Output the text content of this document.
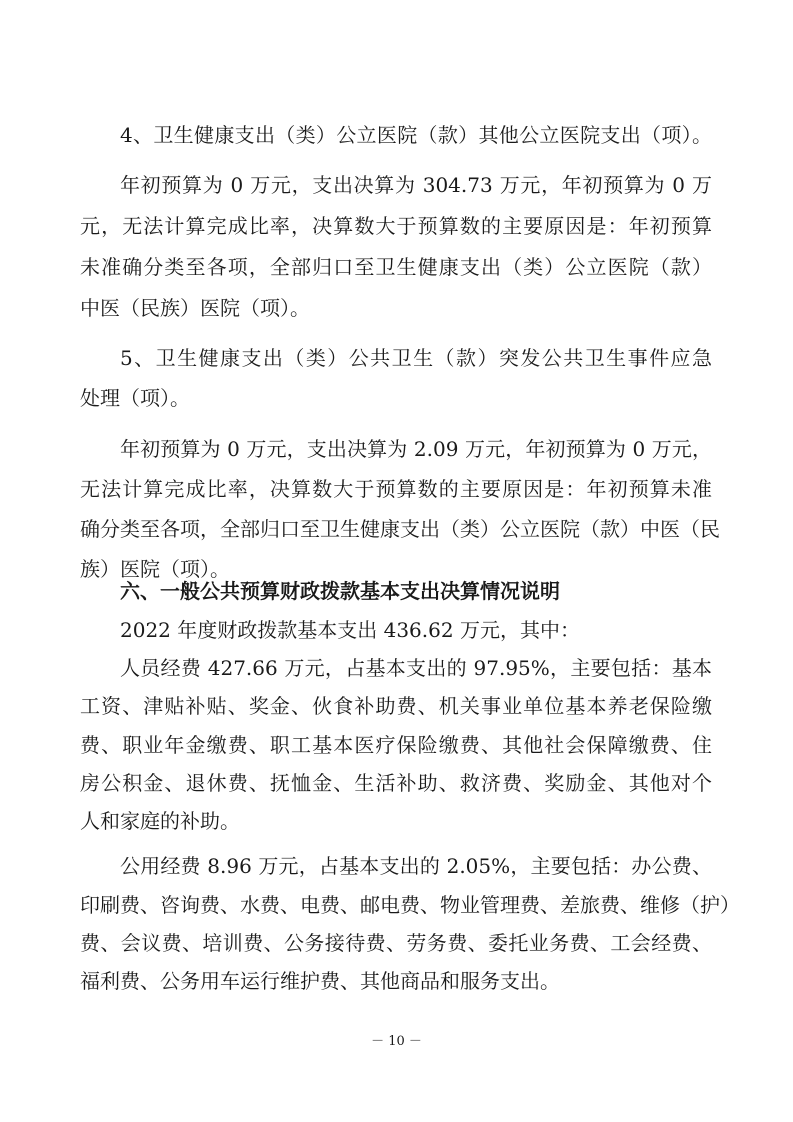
4、卫生健康支出（类）公立医院（款）其他公立医院支出（项）。
年初预算为 0 万元，支出决算为 304.73 万元，年初预算为 0 万
元，无法计算完成比率，决算数大于预算数的主要原因是：年初预算
未准确分类至各项，全部归口至卫生健康支出（类）公立医院（款）
中医（民族）医院（项）。
5、卫生健康支出（类）公共卫生（款）突发公共卫生事件应急
处理（项）。
年初预算为 0 万元，支出决算为 2.09 万元，年初预算为 0 万元，
无法计算完成比率，决算数大于预算数的主要原因是：年初预算未准
确分类至各项，全部归口至卫生健康支出（类）公立医院（款）中医（民
族）医院（项）。
六、一般公共预算财政拨款基本支出决算情况说明
2022 年度财政拨款基本支出 436.62 万元，其中：
人员经费 427.66 万元，占基本支出的 97.95%，主要包括：基本
工资、津贴补贴、奖金、伙食补助费、机关事业单位基本养老保险缴
费、职业年金缴费、职工基本医疗保险缴费、其他社会保障缴费、住
房公积金、退休费、抚恤金、生活补助、救济费、奖励金、其他对个
人和家庭的补助。
公用经费 8.96 万元，占基本支出的 2.05%，主要包括：办公费、
印刷费、咨询费、水费、电费、邮电费、物业管理费、差旅费、维修（护）
费、会议费、培训费、公务接待费、劳务费、委托业务费、工会经费、
福利费、公务用车运行维护费、其他商品和服务支出。
－ 10 －
